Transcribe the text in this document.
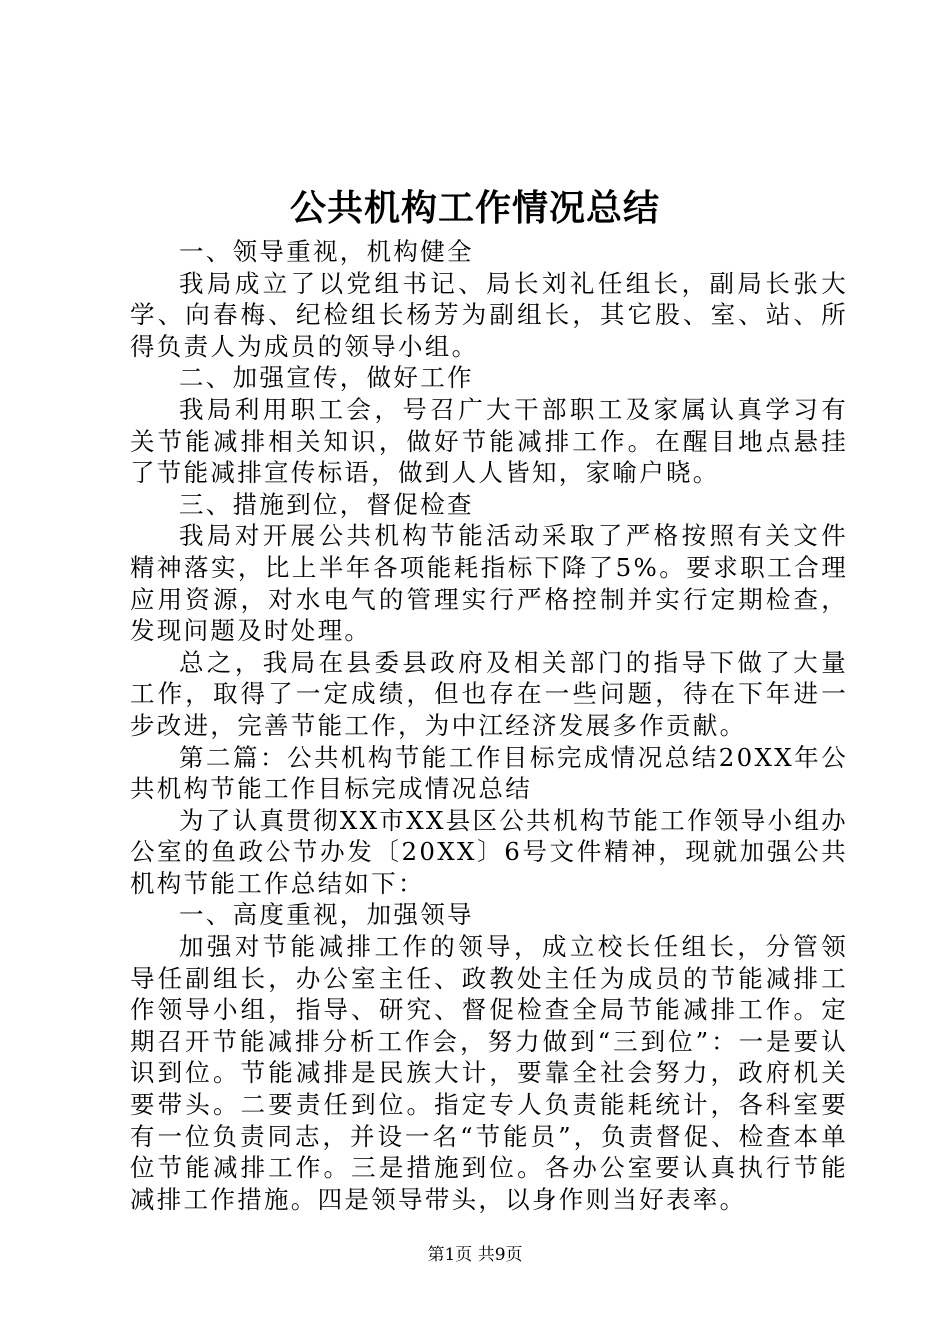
公共机构工作情况总结

一、领导重视，机构健全

我局成立了以党组书记、局长刘礼任组长，副局长张大学、向春梅、纪检组长杨芳为副组长，其它股、室、站、所得负责人为成员的领导小组。

二、加强宣传，做好工作

我局利用职工会，号召广大干部职工及家属认真学习有关节能减排相关知识，做好节能减排工作。在醒目地点悬挂了节能减排宣传标语，做到人人皆知，家喻户晓。

三、措施到位，督促检查

我局对开展公共机构节能活动采取了严格按照有关文件精神落实，比上半年各项能耗指标下降了5%。要求职工合理应用资源，对水电气的管理实行严格控制并实行定期检查，发现问题及时处理。

总之，我局在县委县政府及相关部门的指导下做了大量工作，取得了一定成绩，但也存在一些问题，待在下年进一步改进，完善节能工作，为中江经济发展多作贡献。

第二篇：公共机构节能工作目标完成情况总结20XX年公共机构节能工作目标完成情况总结

为了认真贯彻XX市XX县区公共机构节能工作领导小组办公室的鱼政公节办发〔20XX〕6号文件精神，现就加强公共机构节能工作总结如下：

一、高度重视，加强领导

加强对节能减排工作的领导，成立校长任组长，分管领导任副组长，办公室主任、政教处主任为成员的节能减排工作领导小组，指导、研究、督促检查全局节能减排工作。定期召开节能减排分析工作会，努力做到“三到位”：一是要认识到位。节能减排是民族大计，要靠全社会努力，政府机关要带头。二要责任到位。指定专人负责能耗统计，各科室要有一位负责同志，并设一名“节能员”，负责督促、检查本单位节能减排工作。三是措施到位。各办公室要认真执行节能减排工作措施。四是领导带头，以身作则当好表率。

第1页 共9页
